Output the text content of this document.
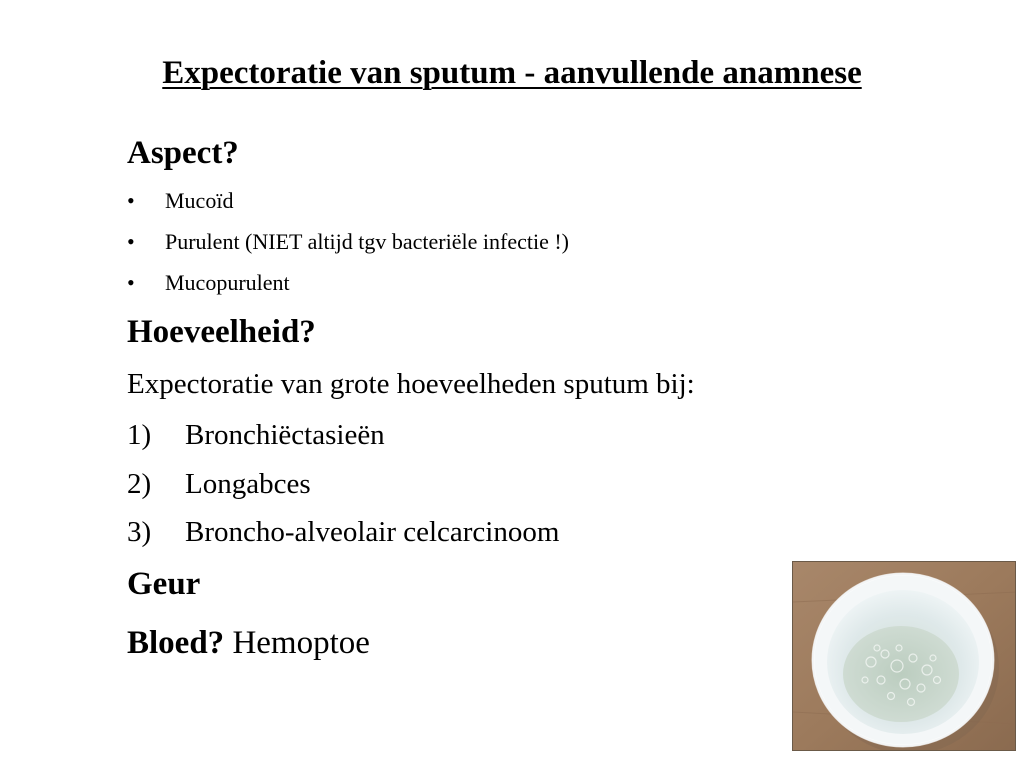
Expectoratie van sputum - aanvullende anamnese
Aspect?
• Mucoïd
• Purulent (NIET altijd tgv bacteriële infectie !)
• Mucopurulent
Hoeveelheid?
Expectoratie van grote hoeveelheden sputum bij:
1) Bronchiëctasieën
2) Longabces
3) Broncho-alveolair celcarcinoom
Geur
Bloed? Hemoptoe
